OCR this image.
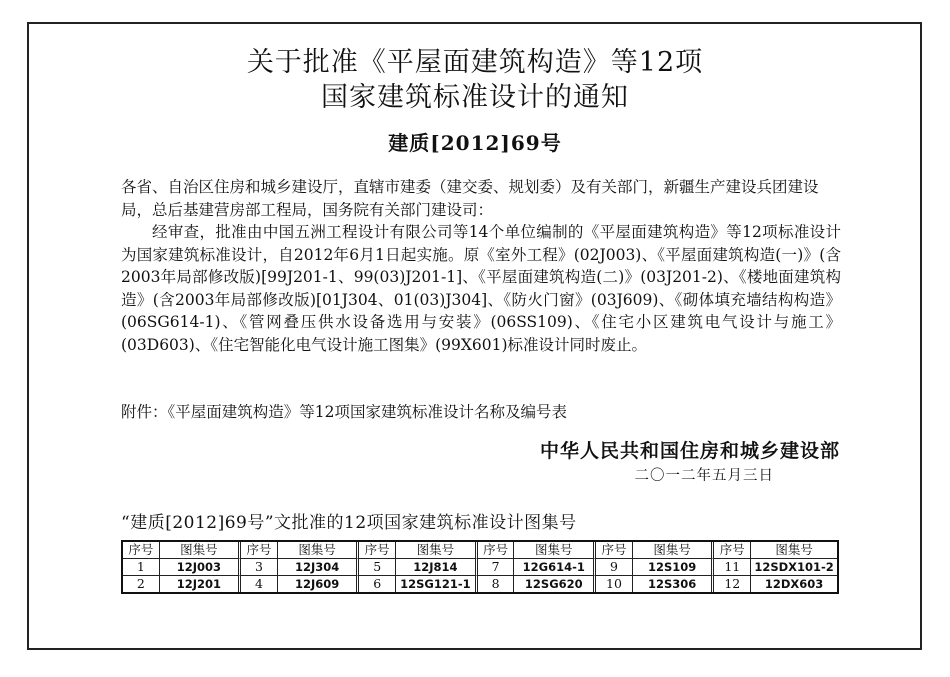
关于批准《平屋面建筑构造》等12项
国家建筑标准设计的通知
建质[2012]69号
各省、自治区住房和城乡建设厅，直辖市建委（建交委、规划委）及有关部门，新疆生产建设兵团建设局，总后基建营房部工程局，国务院有关部门建设司：
经审查，批准由中国五洲工程设计有限公司等14个单位编制的《平屋面建筑构造》等12项标准设计为国家建筑标准设计，自2012年6月1日起实施。原《室外工程》(02J003)、《平屋面建筑构造(一)》(含2003年局部修改版)[99J201-1、99(03)J201-1]、《平屋面建筑构造(二)》(03J201-2)、《楼地面建筑构造》(含2003年局部修改版)[01J304、01(03)J304]、《防火门窗》(03J609)、《砌体填充墙结构构造》(06SG614-1)、《管网叠压供水设备选用与安装》(06SS109)、《住宅小区建筑电气设计与施工》(03D603)、《住宅智能化电气设计施工图集》(99X601)标准设计同时废止。
附件：《平屋面建筑构造》等12项国家建筑标准设计名称及编号表
中华人民共和国住房和城乡建设部
二〇一二年五月三日
“建质[2012]69号”文批准的12项国家建筑标准设计图集号
序号	图集号	序号	图集号	序号	图集号	序号	图集号	序号	图集号	序号	图集号
1	12J003	3	12J304	5	12J814	7	12G614-1	9	12S109	11	12SDX101-2
2	12J201	4	12J609	6	12SG121-1	8	12SG620	10	12S306	12	12DX603
